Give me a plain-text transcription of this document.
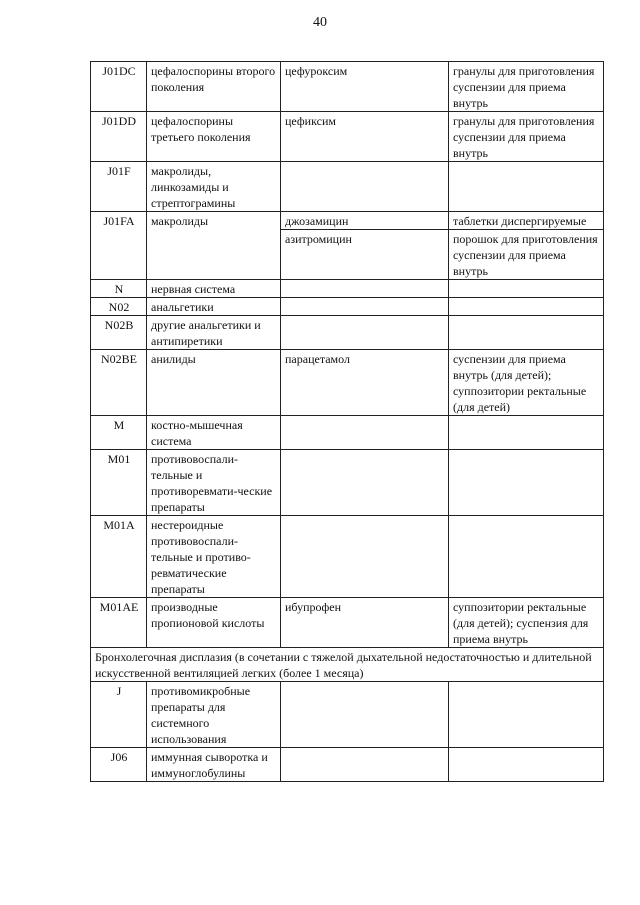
40
J01DC	цефалоспорины второго поколения	цефуроксим	гранулы для приготовления суспензии для приема внутрь
J01DD	цефалоспорины третьего поколения	цефиксим	гранулы для приготовления суспензии для приема внутрь
J01F	макролиды, линкозамиды и стрептограмины		
J01FA	макролиды	джозамицин	таблетки диспергируемые
		азитромицин	порошок для приготовления суспензии для приема внутрь
N	нервная система		
N02	анальгетики		
N02B	другие анальгетики и антипиретики		
N02BE	анилиды	парацетамол	суспензии для приема внутрь (для детей); суппозитории ректальные (для детей)
M	костно-мышечная система		
M01	противовоспали-тельные и противоревмати-ческие препараты		
M01A	нестероидные противовоспали-тельные и противо-ревматические препараты		
M01AE	производные пропионовой кислоты	ибупрофен	суппозитории ректальные (для детей); суспензия для приема внутрь
Бронхолегочная дисплазия (в сочетании с тяжелой дыхательной недостаточностью и длительной искусственной вентиляцией легких (более 1 месяца)			
J	противомикробные препараты для системного использования		
J06	иммунная сыворотка и иммуноглобулины		
